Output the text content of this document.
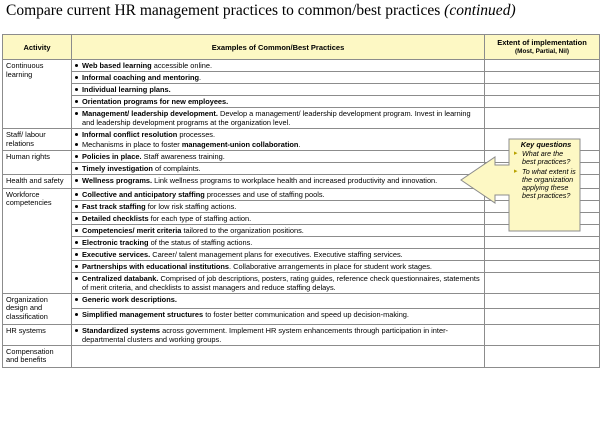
Compare current HR management practices to common/best practices (continued)
Activity	Examples of Common/Best Practices	Extent of implementation
(Most, Partial, Nil)

Continuous learning	Web based learning accessible online.	

	Informal coaching and mentoring.	

	Individual learning plans.	

	Orientation programs for new employees.	

	Management/ leadership development. Develop a management/ leadership development program. Invest in learning and leadership development programs at the organization level.	

Staff/ labour relations	Informal conflict resolution processes.
Mechanisms in place to foster management-union collaboration.	

Human rights	Policies in place. Staff awareness training.	

	Timely investigation of complaints.	

Health and safety	Wellness programs. Link wellness programs to workplace health and increased productivity and innovation.	

Workforce competencies	Collective and anticipatory staffing processes and use of staffing pools.	

	Fast track staffing for low risk staffing actions.	

	Detailed checklists for each type of staffing action.	

	Competencies/ merit criteria tailored to the organization positions.	

	Electronic tracking of the status of staffing actions.	

	Executive services. Career/ talent management plans for executives. Executive staffing services.	

	Partnerships with educational institutions. Collaborative arrangements in place for student work stages.	

	Centralized databank. Comprised of job descriptions, posters, rating guides, reference check questionnaires, statements of merit criteria, and checklists to assist managers and reduce staffing delays.	

Organization design and classification	Generic work descriptions.	

	Simplified management structures to foster better communication and speed up decision-making.	

HR systems	Standardized systems across government. Implement HR system enhancements through participation in inter-departmental clusters and working groups.	

Compensation and benefits		
Key questions
▸ What are the best practices?
▸ To what extent is the organization applying these best practices?
